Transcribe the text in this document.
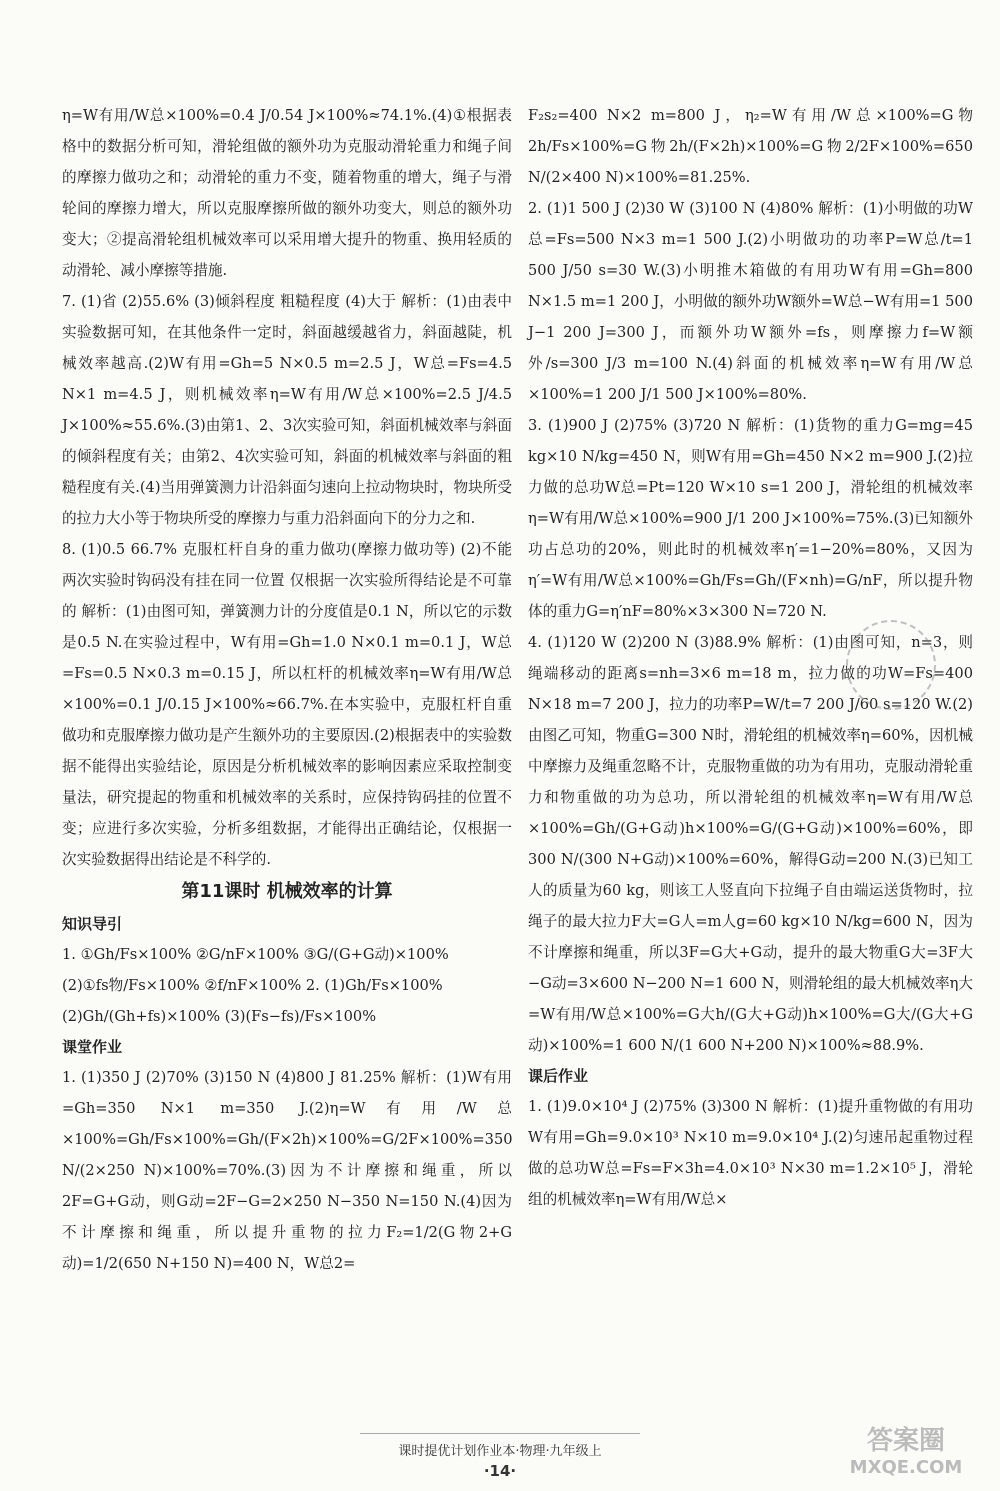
η=W有用/W总×100%=0.4 J/0.54 J×100%≈74.1%.(4)①根据表格中的数据分析可知，滑轮组做的额外功为克服动滑轮重力和绳子间的摩擦力做功之和；动滑轮的重力不变，随着物重的增大，绳子与滑轮间的摩擦力增大，所以克服摩擦所做的额外功变大，则总的额外功变大；②提高滑轮组机械效率可以采用增大提升的物重、换用轻质的动滑轮、减小摩擦等措施.

7. (1)省 (2)55.6% (3)倾斜程度 粗糙程度 (4)大于 解析：(1)由表中实验数据可知，在其他条件一定时，斜面越缓越省力，斜面越陡，机械效率越高.(2)W有用=Gh=5 N×0.5 m=2.5 J，W总=Fs=4.5 N×1 m=4.5 J，则机械效率η=W有用/W总×100%=2.5 J/4.5 J×100%≈55.6%.(3)由第1、2、3次实验可知，斜面机械效率与斜面的倾斜程度有关；由第2、4次实验可知，斜面的机械效率与斜面的粗糙程度有关.(4)当用弹簧测力计沿斜面匀速向上拉动物块时，物块所受的拉力大小等于物块所受的摩擦力与重力沿斜面向下的分力之和.

8. (1)0.5 66.7% 克服杠杆自身的重力做功(摩擦力做功等) (2)不能 两次实验时钩码没有挂在同一位置 仅根据一次实验所得结论是不可靠的 解析：(1)由图可知，弹簧测力计的分度值是0.1 N，所以它的示数是0.5 N.在实验过程中，W有用=Gh=1.0 N×0.1 m=0.1 J，W总=Fs=0.5 N×0.3 m=0.15 J，所以杠杆的机械效率η=W有用/W总×100%=0.1 J/0.15 J×100%≈66.7%.在本实验中，克服杠杆自重做功和克服摩擦力做功是产生额外功的主要原因.(2)根据表中的实验数据不能得出实验结论，原因是分析机械效率的影响因素应采取控制变量法，研究提起的物重和机械效率的关系时，应保持钩码挂的位置不变；应进行多次实验，分析多组数据，才能得出正确结论，仅根据一次实验数据得出结论是不科学的.

第11课时 机械效率的计算

知识导引

1. ①Gh/Fs×100% ②G/nF×100% ③G/(G+G动)×100%

(2)①fs物/Fs×100% ②f/nF×100% 2. (1)Gh/Fs×100%

(2)Gh/(Gh+fs)×100% (3)(Fs−fs)/Fs×100%

课堂作业

1. (1)350 J (2)70% (3)150 N (4)800 J 81.25% 解析：(1)W有用=Gh=350 N×1 m=350 J.(2)η=W有用/W总×100%=Gh/Fs×100%=Gh/(F×2h)×100%=G/2F×100%=350 N/(2×250 N)×100%=70%.(3)因为不计摩擦和绳重，所以2F=G+G动，则G动=2F−G=2×250 N−350 N=150 N.(4)因为不计摩擦和绳重，所以提升重物的拉力F₂=1/2(G物2+G动)=1/2(650 N+150 N)=400 N，W总2=

F₂s₂=400 N×2 m=800 J，η₂=W有用/W总×100%=G物2h/Fs×100%=G物2h/(F×2h)×100%=G物2/2F×100%=650 N/(2×400 N)×100%=81.25%.

2. (1)1 500 J (2)30 W (3)100 N (4)80% 解析：(1)小明做的功W总=Fs=500 N×3 m=1 500 J.(2)小明做功的功率P=W总/t=1 500 J/50 s=30 W.(3)小明推木箱做的有用功W有用=Gh=800 N×1.5 m=1 200 J，小明做的额外功W额外=W总−W有用=1 500 J−1 200 J=300 J，而额外功W额外=fs，则摩擦力f=W额外/s=300 J/3 m=100 N.(4)斜面的机械效率η=W有用/W总×100%=1 200 J/1 500 J×100%=80%.

3. (1)900 J (2)75% (3)720 N 解析：(1)货物的重力G=mg=45 kg×10 N/kg=450 N，则W有用=Gh=450 N×2 m=900 J.(2)拉力做的总功W总=Pt=120 W×10 s=1 200 J，滑轮组的机械效率η=W有用/W总×100%=900 J/1 200 J×100%=75%.(3)已知额外功占总功的20%，则此时的机械效率η′=1−20%=80%，又因为η′=W有用/W总×100%=Gh/Fs=Gh/(F×nh)=G/nF，所以提升物体的重力G=η′nF=80%×3×300 N=720 N.

4. (1)120 W (2)200 N (3)88.9% 解析：(1)由图可知，n=3，则绳端移动的距离s=nh=3×6 m=18 m，拉力做的功W=Fs=400 N×18 m=7 200 J，拉力的功率P=W/t=7 200 J/60 s=120 W.(2)由图乙可知，物重G=300 N时，滑轮组的机械效率η=60%，因机械中摩擦力及绳重忽略不计，克服物重做的功为有用功，克服动滑轮重力和物重做的功为总功，所以滑轮组的机械效率η=W有用/W总×100%=Gh/(G+G动)h×100%=G/(G+G动)×100%=60%，即300 N/(300 N+G动)×100%=60%，解得G动=200 N.(3)已知工人的质量为60 kg，则该工人竖直向下拉绳子自由端运送货物时，拉绳子的最大拉力F大=G人=m人g=60 kg×10 N/kg=600 N，因为不计摩擦和绳重，所以3F=G大+G动，提升的最大物重G大=3F大−G动=3×600 N−200 N=1 600 N，则滑轮组的最大机械效率η大=W有用/W总×100%=G大h/(G大+G动)h×100%=G大/(G大+G动)×100%=1 600 N/(1 600 N+200 N)×100%≈88.9%.

课后作业

1. (1)9.0×10⁴ J (2)75% (3)300 N 解析：(1)提升重物做的有用功W有用=Gh=9.0×10³ N×10 m=9.0×10⁴ J.(2)匀速吊起重物过程做的总功W总=Fs=F×3h=4.0×10³ N×30 m=1.2×10⁵ J，滑轮组的机械效率η=W有用/W总×

课时提优计划作业本·物理·九年级上
·14·
答案圈
MXQE.COM
